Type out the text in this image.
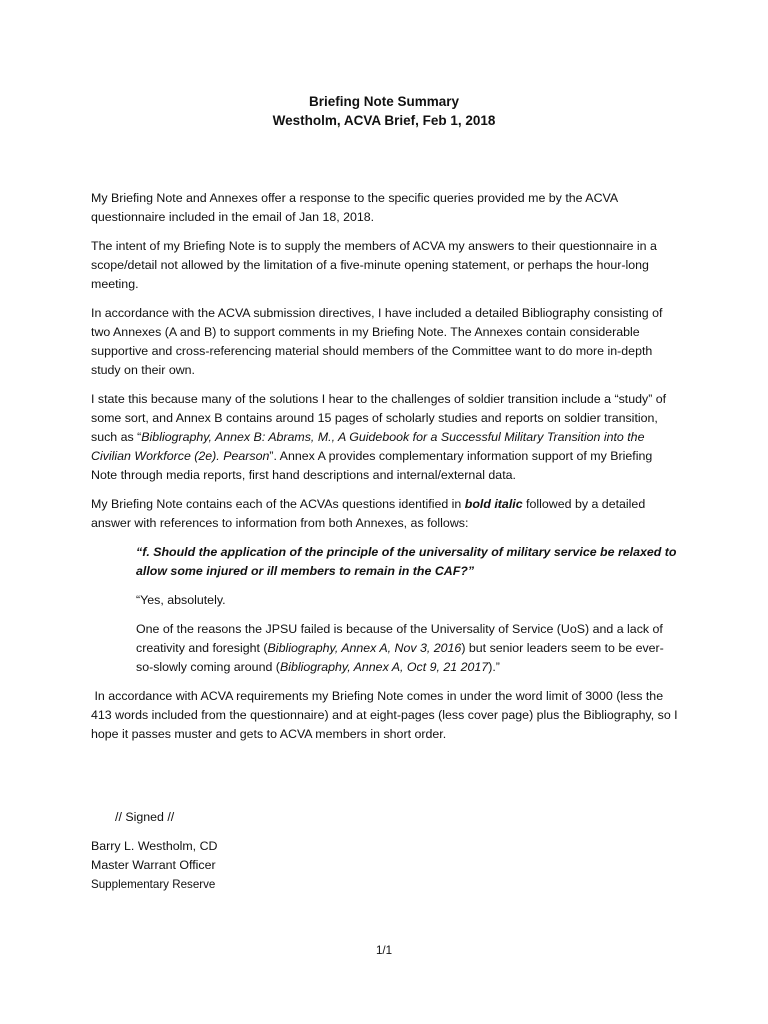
Briefing Note Summary
Westholm, ACVA Brief, Feb 1, 2018

My Briefing Note and Annexes offer a response to the specific queries provided me by the ACVA questionnaire included in the email of Jan 18, 2018.

The intent of my Briefing Note is to supply the members of ACVA my answers to their questionnaire in a scope/detail not allowed by the limitation of a five-minute opening statement, or perhaps the hour-long meeting.

In accordance with the ACVA submission directives, I have included a detailed Bibliography consisting of two Annexes (A and B) to support comments in my Briefing Note. The Annexes contain considerable supportive and cross-referencing material should members of the Committee want to do more in-depth study on their own.

I state this because many of the solutions I hear to the challenges of soldier transition include a “study” of some sort, and Annex B contains around 15 pages of scholarly studies and reports on soldier transition, such as “Bibliography, Annex B: Abrams, M., A Guidebook for a Successful Military Transition into the Civilian Workforce (2e). Pearson”. Annex A provides complementary information support of my Briefing Note through media reports, first hand descriptions and internal/external data.

My Briefing Note contains each of the ACVAs questions identified in bold italic followed by a detailed answer with references to information from both Annexes, as follows:

“f. Should the application of the principle of the universality of military service be relaxed to allow some injured or ill members to remain in the CAF?”

“Yes, absolutely.

One of the reasons the JPSU failed is because of the Universality of Service (UoS) and a lack of creativity and foresight (Bibliography, Annex A, Nov 3, 2016) but senior leaders seem to be ever-so-slowly coming around (Bibliography, Annex A, Oct 9, 21 2017).”

In accordance with ACVA requirements my Briefing Note comes in under the word limit of 3000 (less the 413 words included from the questionnaire) and at eight-pages (less cover page) plus the Bibliography, so I hope it passes muster and gets to ACVA members in short order.

// Signed //
Barry L. Westholm, CD
Master Warrant Officer
Supplementary Reserve
1/1
